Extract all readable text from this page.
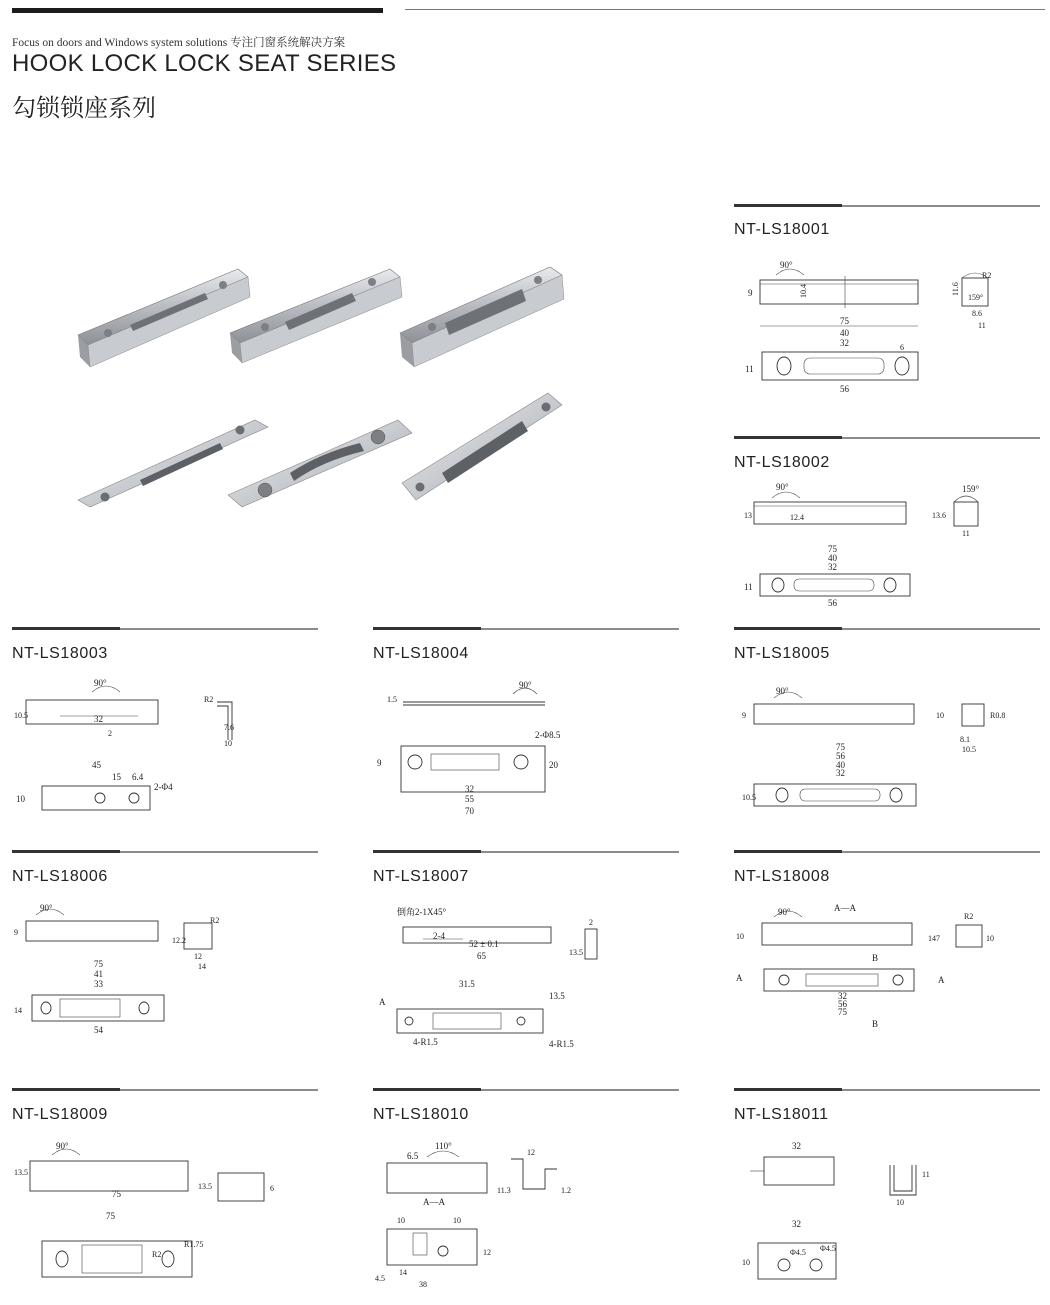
Focus on doors and Windows system solutions 专注门窗系统解决方案
HOOK LOCK LOCK SEAT SERIES
勾锁锁座系列
NT-LS18001
90°
9	10.4	11.6
159°
8.6
11
R2
75
40
32
11
6
56
NT-LS18002
90°
13	12.4
159°
13.6
11
75
40
32
11
56
NT-LS18003
90°
32
2
10.5
R2
7.6
10
45
15 6.4
2-Φ4
10
NT-LS18004
90°
1.5
2-Φ8.5
9	20
32
55
70
NT-LS18005
90°
9	R0.8
8.1
10.5
10
75
56
40
32
10.5
NT-LS18006
90°
9
12.2
R2
12
14
75
41
33
14
54
NT-LS18007
倒角2-1X45°
2-4
52 ± 0.1
65
2
13.5
31.5
A
13.5
4-R1.5	4-R1.5
NT-LS18008
A—A
90°
10	147	10
R2
B
A	A
32
56
75
B
NT-LS18009
90°
75
13.5
6
13.5
75
R2
R1.75
NT-LS18010
110°
6.5
A—A
12
11.3	1.2
10	10
12
4.5
14
38
NT-LS18011
32
10
11
32
Φ4.5 Φ4.5
10
